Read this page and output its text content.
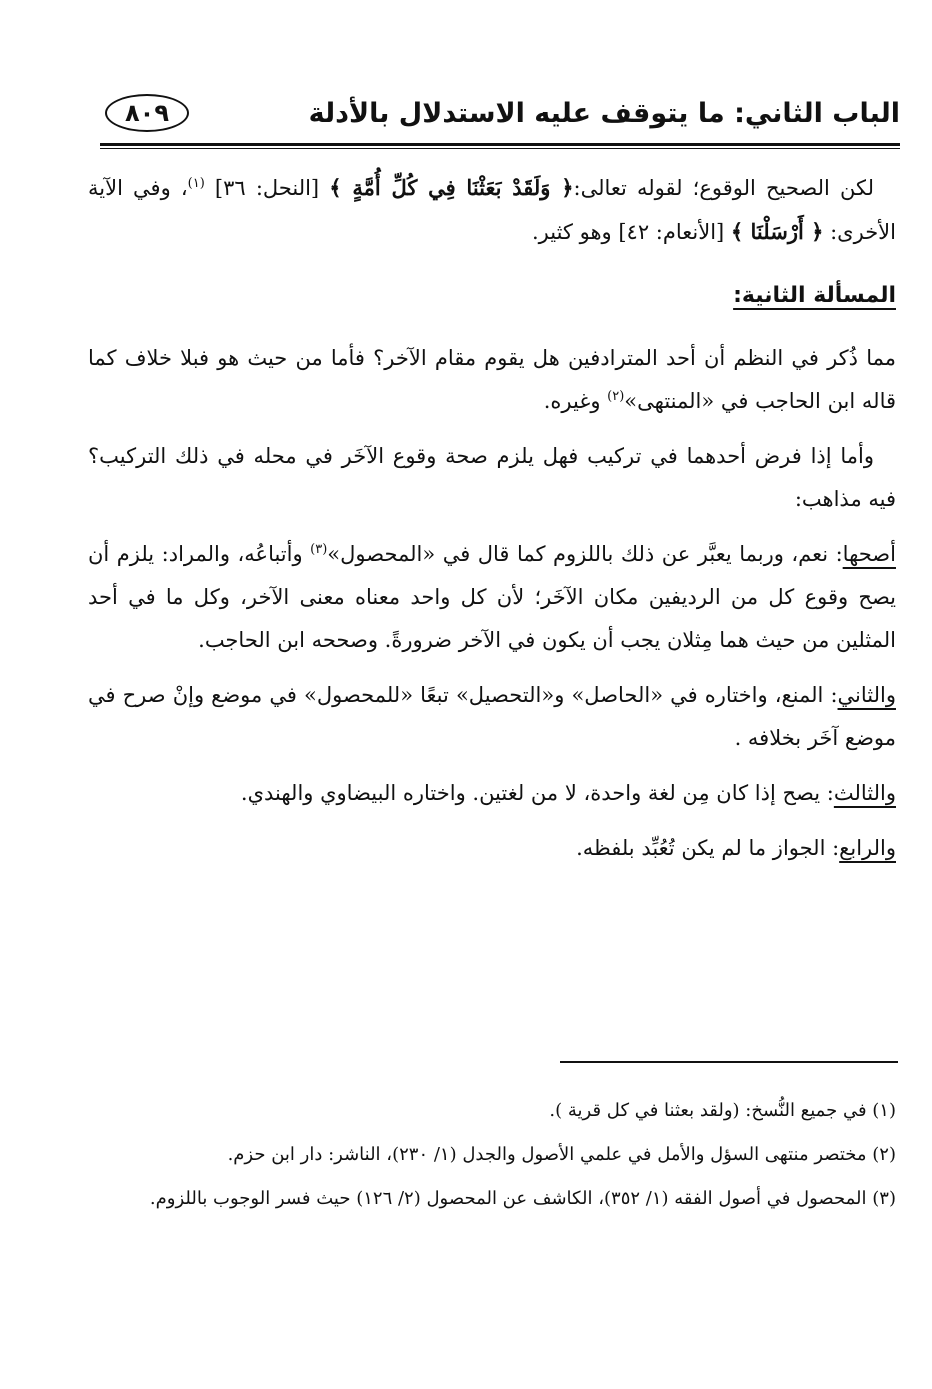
الباب الثاني: ما يتوقف عليه الاستدلال بالأدلة
٨٠٩

لكن الصحيح الوقوع؛ لقوله تعالى:﴿ وَلَقَدْ بَعَثْنَا فِي كُلِّ أُمَّةٍ ﴾ [النحل: ٣٦] $^{(١)}$، وفي الآية الأخرى: ﴿ أَرْسَلْنَا ﴾ [الأنعام: ٤٢] وهو كثير.

المسألة الثانية:

مما ذُكر في النظم أن أحد المترادفين هل يقوم مقام الآخر؟ فأما من حيث هو فبلا خلاف كما قاله ابن الحاجب في «المنتهى»$^{(٢)}$ وغيره.

وأما إذا فرض أحدهما في تركيب فهل يلزم صحة وقوع الآخَر في محله في ذلك التركيب؟ فيه مذاهب:

أصحها: نعم، وربما يعبَّر عن ذلك باللزوم كما قال في «المحصول»$^{(٣)}$ وأتباعُه، والمراد: يلزم أن يصح وقوع كل من الرديفين مكان الآخَر؛ لأن كل واحد معناه معنى الآخر، وكل ما في أحد المثلين من حيث هما مِثلان يجب أن يكون في الآخر ضرورةً. وصححه ابن الحاجب.

والثاني: المنع، واختاره في «الحاصل» و«التحصيل» تبعًا «للمحصول» في موضع وإنْ صرح في موضع آخَر بخلافه .

والثالث: يصح إذا كان مِن لغة واحدة، لا من لغتين. واختاره البيضاوي والهندي.

والرابع: الجواز ما لم يكن تُعُبِّد بلفظه.

(١) في جميع النُّسخ: (ولقد بعثنا في كل قرية ).

(٢) مختصر منتهى السؤل والأمل في علمي الأصول والجدل (١/ ٢٣٠)، الناشر: دار ابن حزم.

(٣) المحصول في أصول الفقه (١/ ٣٥٢)، الكاشف عن المحصول (٢/ ١٢٦) حيث فسر الوجوب باللزوم.
